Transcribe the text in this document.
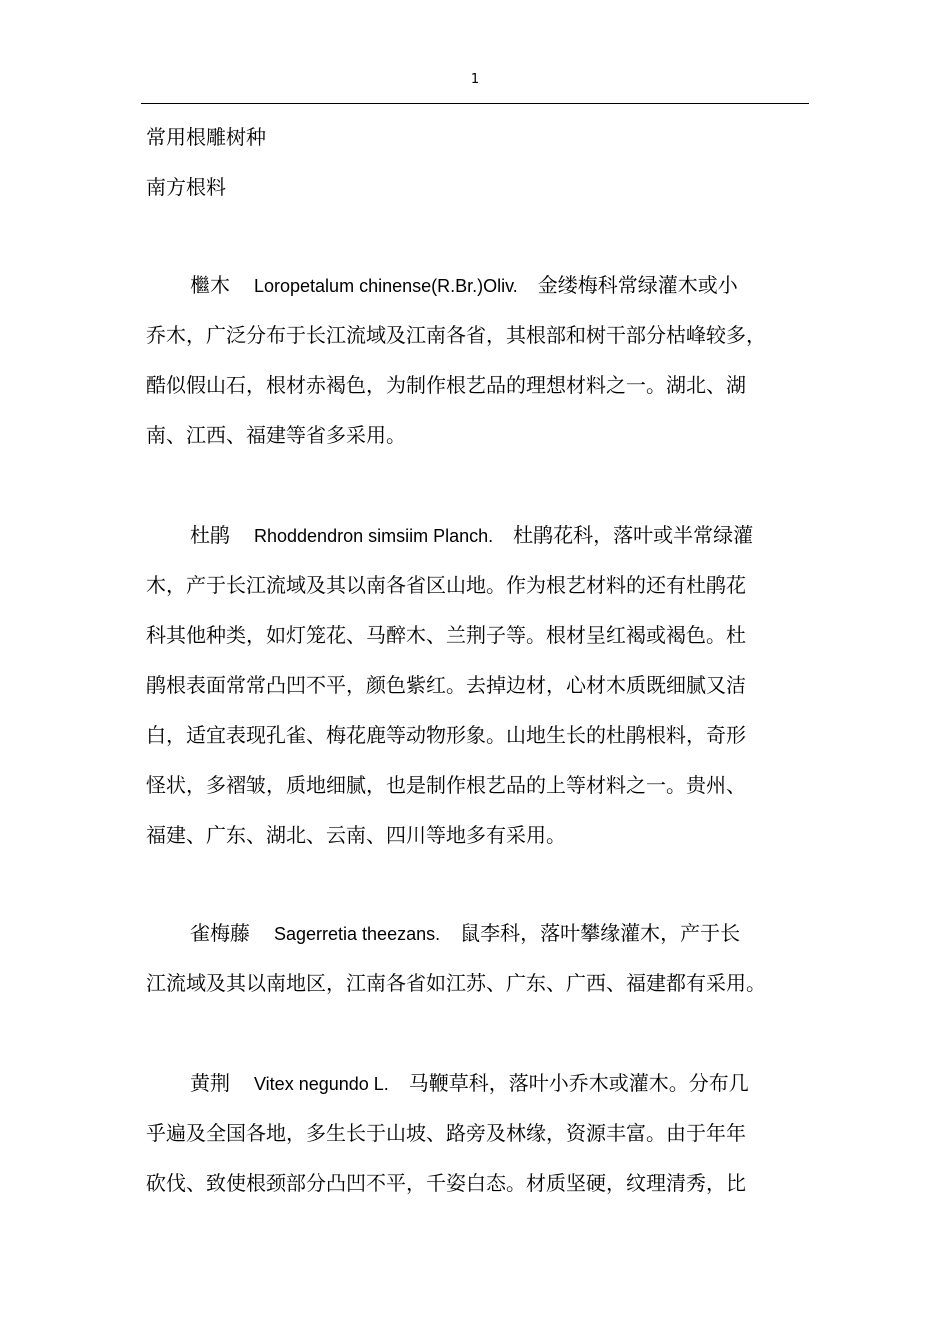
1
常用根雕树种
南方根料
檵木 Loropetalum chinense(R.Br.)Oliv. 金缕梅科常绿灌木或小
乔木，广泛分布于长江流域及江南各省，其根部和树干部分枯峰较多，
酷似假山石，根材赤褐色，为制作根艺品的理想材料之一。湖北、湖
南、江西、福建等省多采用。
杜鹃 Rhoddendron simsiim Planch. 杜鹃花科，落叶或半常绿灌
木，产于长江流域及其以南各省区山地。作为根艺材料的还有杜鹃花
科其他种类，如灯笼花、马醉木、兰荆子等。根材呈红褐或褐色。杜
鹃根表面常常凸凹不平，颜色紫红。去掉边材，心材木质既细腻又洁
白，适宜表现孔雀、梅花鹿等动物形象。山地生长的杜鹃根料，奇形
怪状，多褶皱，质地细腻，也是制作根艺品的上等材料之一。贵州、
福建、广东、湖北、云南、四川等地多有采用。
雀梅藤 Sagerretia theezans. 鼠李科，落叶攀缘灌木，产于长
江流域及其以南地区，江南各省如江苏、广东、广西、福建都有采用。
黄荆 Vitex negundo L. 马鞭草科，落叶小乔木或灌木。分布几
乎遍及全国各地，多生长于山坡、路旁及林缘，资源丰富。由于年年
砍伐、致使根颈部分凸凹不平，千姿白态。材质坚硬，纹理清秀，比
